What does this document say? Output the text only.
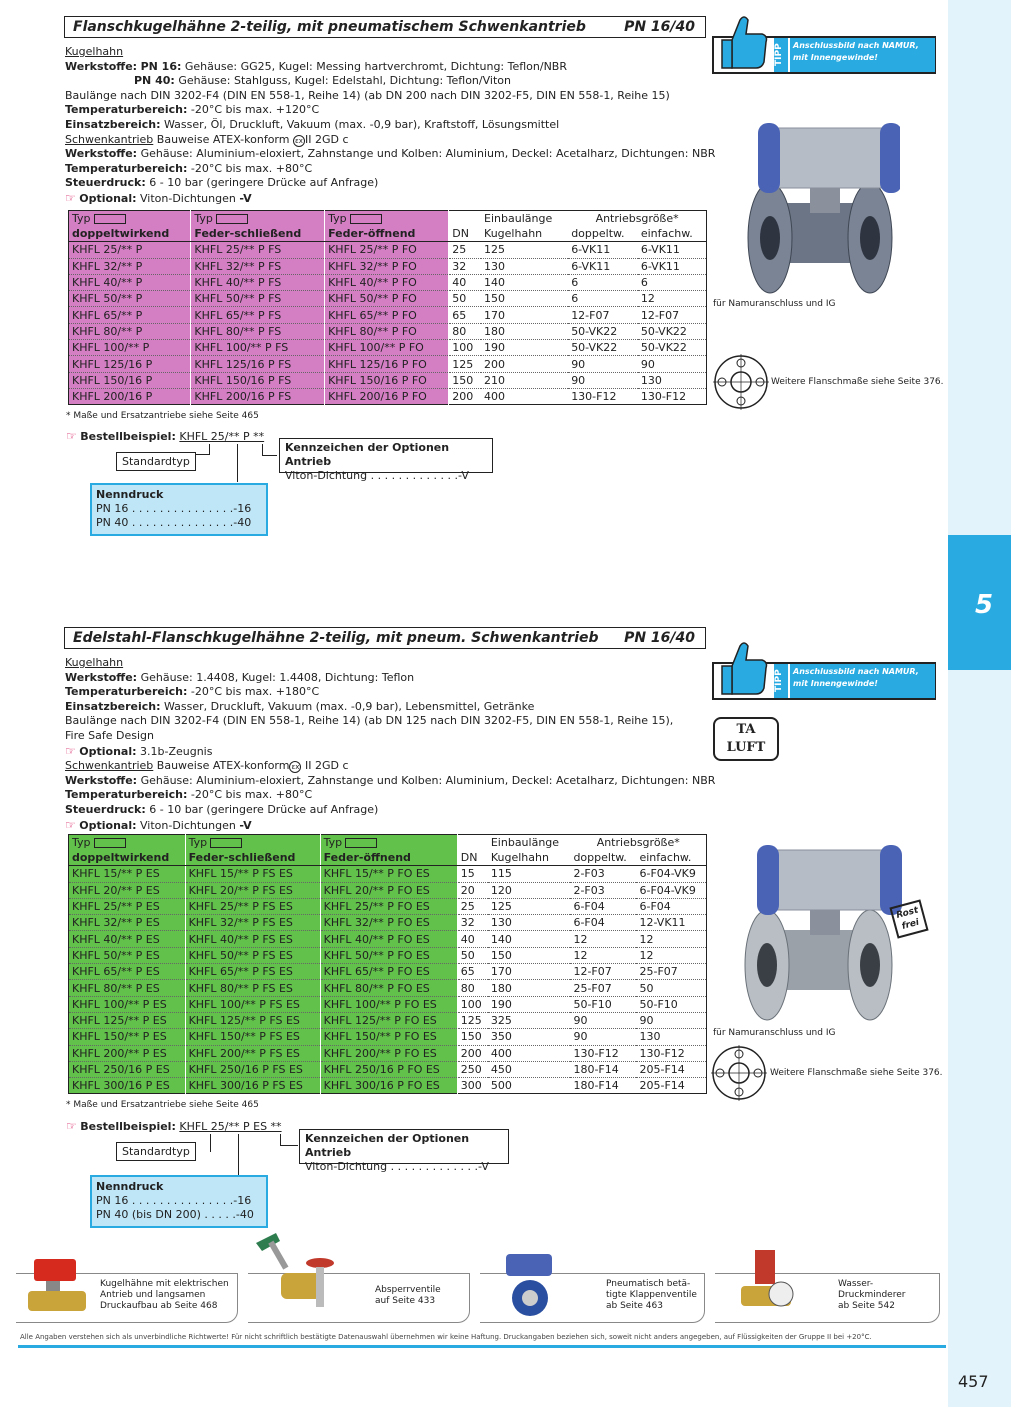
5
Flanschkugelhähne 2-teilig, mit pneumatischem Schwenkantrieb	PN 16/40
TIPP	Anschlussbild nach NAMUR,
mit Innengewinde!
Kugelhahn
Werkstoffe: PN 16: Gehäuse: GG25, Kugel: Messing hartverchromt, Dichtung: Teflon/NBR
PN 40: Gehäuse: Stahlguss, Kugel: Edelstahl, Dichtung: Teflon/Viton
Baulänge nach DIN 3202-F4 (DIN EN 558-1, Reihe 14) (ab DN 200 nach DIN 3202-F5, DIN EN 558-1, Reihe 15)
Temperaturbereich: -20°C bis max. +120°C
Einsatzbereich: Wasser, Öl, Druckluft, Vakuum (max. -0,9 bar), Kraftstoff, Lösungsmittel
Schwenkantrieb Bauweise ATEX-konform εx II 2GD c
Werkstoffe: Gehäuse: Aluminium-eloxiert, Zahnstange und Kolben: Aluminium, Deckel: Acetalharz, Dichtungen: NBR
Temperaturbereich: -20°C bis max. +80°C
Steuerdruck: 6 - 10 bar (geringere Drücke auf Anfrage)
☞ Optional: Viton-Dichtungen -V
Typ	Typ	Typ		Einbaulänge	Antriebsgröße*	
doppeltwirkend	Feder-schließend	Feder-öffnend	DN	Kugelhahn	doppeltw.	einfachw.
KHFL 25/** P	KHFL 25/** P FS	KHFL 25/** P FO	25	125	6-VK11	6-VK11
KHFL 32/** P	KHFL 32/** P FS	KHFL 32/** P FO	32	130	6-VK11	6-VK11
KHFL 40/** P	KHFL 40/** P FS	KHFL 40/** P FO	40	140	6	6
KHFL 50/** P	KHFL 50/** P FS	KHFL 50/** P FO	50	150	6	12
KHFL 65/** P	KHFL 65/** P FS	KHFL 65/** P FO	65	170	12-F07	12-F07
KHFL 80/** P	KHFL 80/** P FS	KHFL 80/** P FO	80	180	50-VK22	50-VK22
KHFL 100/** P	KHFL 100/** P FS	KHFL 100/** P FO	100	190	50-VK22	50-VK22
KHFL 125/16 P	KHFL 125/16 P FS	KHFL 125/16 P FO	125	200	90	90
KHFL 150/16 P	KHFL 150/16 P FS	KHFL 150/16 P FO	150	210	90	130
KHFL 200/16 P	KHFL 200/16 P FS	KHFL 200/16 P FO	200	400	130-F12	130-F12
* Maße und Ersatzantriebe siehe Seite 465
☞ Bestellbeispiel: KHFL 25/** P **
Standardtyp
Kennzeichen der Optionen Antrieb
Viton-Dichtung . . . . . . . . . . . . .-V
Nenndruck
PN 16 . . . . . . . . . . . . . . .-16
PN 40 . . . . . . . . . . . . . . .-40
für Namuranschluss und IG
Weitere Flanschmaße siehe Seite 376.
Edelstahl-Flanschkugelhähne 2-teilig, mit pneum. Schwenkantrieb PN 16/40
TIPP	Anschlussbild nach NAMUR,
mit Innengewinde!
TA
LUFT
Kugelhahn
Werkstoffe: Gehäuse: 1.4408, Kugel: 1.4408, Dichtung: Teflon
Temperaturbereich: -20°C bis max. +180°C
Einsatzbereich: Wasser, Druckluft, Vakuum (max. -0,9 bar), Lebensmittel, Getränke
Baulänge nach DIN 3202-F4 (DIN EN 558-1, Reihe 14) (ab DN 125 nach DIN 3202-F5, DIN EN 558-1, Reihe 15),
Fire Safe Design
☞ Optional: 3.1b-Zeugnis
Schwenkantrieb Bauweise ATEX-konform εx II 2GD c
Werkstoffe: Gehäuse: Aluminium-eloxiert, Zahnstange und Kolben: Aluminium, Deckel: Acetalharz, Dichtungen: NBR
Temperaturbereich: -20°C bis max. +80°C
Steuerdruck: 6 - 10 bar (geringere Drücke auf Anfrage)
☞ Optional: Viton-Dichtungen -V
Typ	Typ	Typ		Einbaulänge	Antriebsgröße*	
doppeltwirkend	Feder-schließend	Feder-öffnend	DN	Kugelhahn	doppeltw.	einfachw.
KHFL 15/** P ES	KHFL 15/** P FS ES	KHFL 15/** P FO ES	15	115	2-F03	6-F04-VK9
KHFL 20/** P ES	KHFL 20/** P FS ES	KHFL 20/** P FO ES	20	120	2-F03	6-F04-VK9
KHFL 25/** P ES	KHFL 25/** P FS ES	KHFL 25/** P FO ES	25	125	6-F04	6-F04
KHFL 32/** P ES	KHFL 32/** P FS ES	KHFL 32/** P FO ES	32	130	6-F04	12-VK11
KHFL 40/** P ES	KHFL 40/** P FS ES	KHFL 40/** P FO ES	40	140	12	12
KHFL 50/** P ES	KHFL 50/** P FS ES	KHFL 50/** P FO ES	50	150	12	12
KHFL 65/** P ES	KHFL 65/** P FS ES	KHFL 65/** P FO ES	65	170	12-F07	25-F07
KHFL 80/** P ES	KHFL 80/** P FS ES	KHFL 80/** P FO ES	80	180	25-F07	50
KHFL 100/** P ES	KHFL 100/** P FS ES	KHFL 100/** P FO ES	100	190	50-F10	50-F10
KHFL 125/** P ES	KHFL 125/** P FS ES	KHFL 125/** P FO ES	125	325	90	90
KHFL 150/** P ES	KHFL 150/** P FS ES	KHFL 150/** P FO ES	150	350	90	130
KHFL 200/** P ES	KHFL 200/** P FS ES	KHFL 200/** P FO ES	200	400	130-F12	130-F12
KHFL 250/16 P ES	KHFL 250/16 P FS ES	KHFL 250/16 P FO ES	250	450	180-F14	205-F14
KHFL 300/16 P ES	KHFL 300/16 P FS ES	KHFL 300/16 P FO ES	300	500	180-F14	205-F14
* Maße und Ersatzantriebe siehe Seite 465
☞ Bestellbeispiel: KHFL 25/** P ES **
Standardtyp
Kennzeichen der Optionen Antrieb
Viton-Dichtung . . . . . . . . . . . . .-V
Nenndruck
PN 16 . . . . . . . . . . . . . . .-16
PN 40 (bis DN 200) . . . . .-40
Rost frei
für Namuranschluss und IG
Weitere Flanschmaße siehe Seite 376.
Kugelhähne mit elektrischen
Antrieb und langsamen
Druckaufbau ab Seite 468
Absperrventile
auf Seite 433
Pneumatisch betä-
tigte Klappenventile
ab Seite 463
Wasser-
Druckminderer
ab Seite 542
Alle Angaben verstehen sich als unverbindliche Richtwerte! Für nicht schriftlich bestätigte Datenauswahl übernehmen wir keine Haftung. Druckangaben beziehen sich, soweit nicht anders angegeben, auf Flüssigkeiten der Gruppe II bei +20°C.
457
